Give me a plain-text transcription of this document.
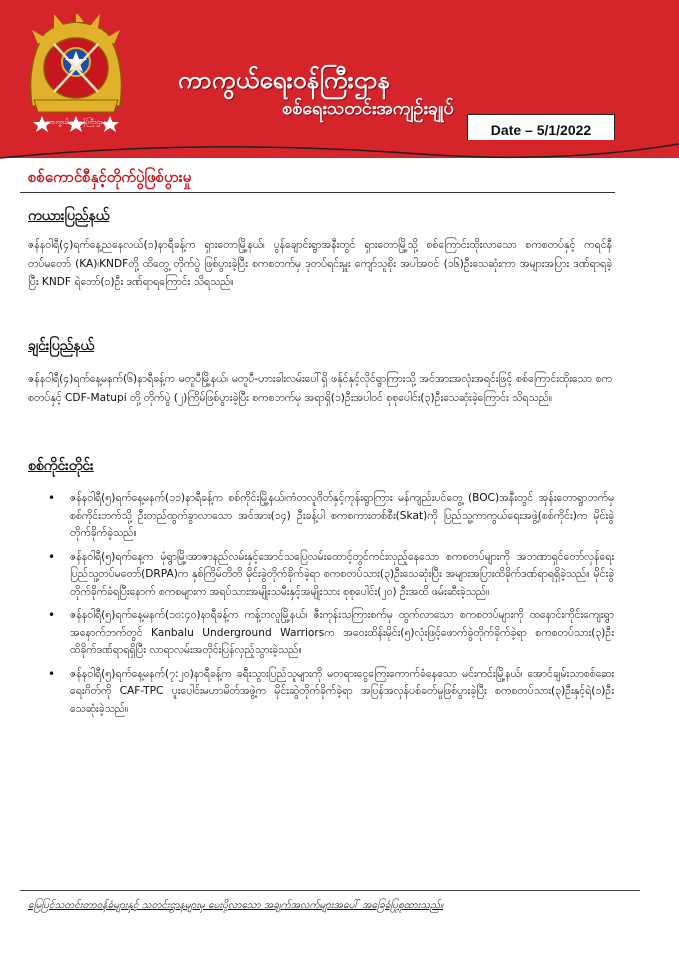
ကာကွယ်ရေးဝန်ကြီးဌာန
ကာကွယ်ရေးဝန်ကြီးဌာန
စစ်ရေးသတင်းအကျဉ်းချုပ်
Date – 5/1/2022
စစ်ကောင်စီနှင့်တိုက်ပွဲဖြစ်ပွားမှု
ကယားပြည်နယ်
ဇန်နဝါရီ(၄)ရက်နေ့ညနေလယ်(၁)နာရီခန့်က ရှားတောမြို့နယ်၊ ပွန်ချောင်းရွာအနီးတွင် ရှားတောမြို့သို့ စစ်ကြောင်းထိုးလာသော စကစတပ်နှင့် ကရင်နီတပ်မတော် (KA)၊KNDFတို့ ထိတွေ့ တိုက်ပွဲ ဖြစ်ပွားခဲ့ပြီး စကစဘက်မှ ဒုတပ်ရင်းမှူး ကျော်သူစိုး အပါအဝင် (၁၆)ဦးသေဆုံးကာ အများအပြား ဒဏ်ရာရခဲ့ပြီး KNDF ရဲဘော်(၁)ဦး ဒဏ်ရာရကြောင်း သိရသည်။
ချင်းပြည်နယ်
ဇန်နဝါရီ(၄)ရက်နေ့မနက်(၆)နာရီခန့်က မတူပီမြို့နယ်၊ မတူပီ-ဟားခါးလမ်းပေါ်ရှိ ဖန်ုင်နှင့်လိုင်ရွာကြားသို့ အင်အားအလုံးအရင်းဖြင့် စစ်ကြောင်းထိုးသော စကစတပ်နှင့် CDF-Matupi တို့ တိုက်ပွဲ (၂)ကြိမ်ဖြစ်ပွားခဲ့ပြီး စကစဘက်မှ အရာရှိ(၁)ဦးအပါဝင် စုစုပေါင်း(၃)ဦးသေဆုံးခဲ့ကြောင်း သိရသည်။
စစ်ကိုင်းတိုင်း
• ဇန်နဝါရီ(၅)ရက်နေ့မနက်(၁၁)နာရီခန့်က စစ်ကိုင်းမြို့နယ်၊ကံတလူဂိတ်နှင့်ကုန်းရွာကြား မန်ကျည်းပင်တွေ့ (BOC)အနီးတွင် အုန်းတောရွာဘက်မှ စစ်ကိုင်းဘက်သို့ ဦးတည်ထွက်ခွာလာသော အင်အား(၁၄) ဦးခန့်ပါ စကစကားတစ်စီး(Skat)ကို ပြည်သူ့ကာကွယ်ရေးအဖွဲ့(စစ်ကိုင်း)က မိုင်းခွဲတိုက်ခိုက်ခဲ့သည်။
• ဇန်နဝါရီ(၅)ရက်နေ့က မုံရွာမြို့၊အာဇာနည်လမ်းနှင့်အောင်သပြေလမ်းထောင့်တွင်ကင်းလှည့်နေသော စကစတပ်များကို အဘဏာရှင်တော်လှန်ရေးပြည်သူ့တပ်မတော်(DRPA)က နှစ်ကြိမ်တိတိ မိုင်းခွဲတိုက်ခိုက်ခဲ့ရာ စကစတပ်သား(၃)ဦးသေဆုံးပြီး အများအပြားထိခိုက်ဒဏ်ရာရရှိခဲ့သည်။ မိုင်းခွဲတိုက်ခိုက်ခံရပြီးနောက် စကစများက အရပ်သားအမျိုးသမီးနှင့်အမျိုးသား စုစုပေါင်း(၂၀) ဦးအထိ ဖမ်းဆီးခဲ့သည်။
• ဇန်နဝါရီ(၅)ရက်နေ့မနက်(၁၀:၄၀)နာရီခန့်က ကန့်ဘလူမြို့နယ်၊ ဇီးကုန်းသကြားစက်မှ ထွက်လာသော စကစတပ်များကို ထနောင်းကိုင်းကျေးရွာ အနောက်ဘက်တွင် Kanbalu Underground Warriorsက အဝေးထိန်းမိုင်း(၅)လုံးဖြင့်ဖောက်ခွဲတိုက်ခိုက်ခဲ့ရာ စကစတပ်သား(၃)ဦး ထိခိုက်ဒဏ်ရာရရှိပြီး လာရာလမ်းအတိုင်းပြန်လှည့်သွားခဲ့သည်။
• ဇန်နဝါရီ(၅)ရက်နေ့မနက်(၇:၂၀)နာရီခန့်က ခရီးသွားပြည်သူများကို မတရားငွေကြေးကောက်ခံနေသော မင်းကင်းမြို့နယ်၊ အောင်ချမ်းသာစစ်ဆေးရေးဂိတ်ကို CAF-TPC ပူးပေါင်းမဟာမိတ်အဖွဲ့က မိုင်းဆွဲတိုက်ခိုက်ခဲ့ရာ အပြန်အလှန်ပစ်ခတ်မှုဖြစ်ပွားခဲ့ပြီး စကစတပ်သား(၃)ဦးနှင့်ရဲ(၁)ဦး သေဆုံးခဲ့သည်။
မြေပြင်သတင်းတာဝန်ခံများနှင့် သတင်းဌာနများမှ ပေးပို့လာသော အချက်အလက်များအပေါ် အခြေခံပြုစုထားသည်။
